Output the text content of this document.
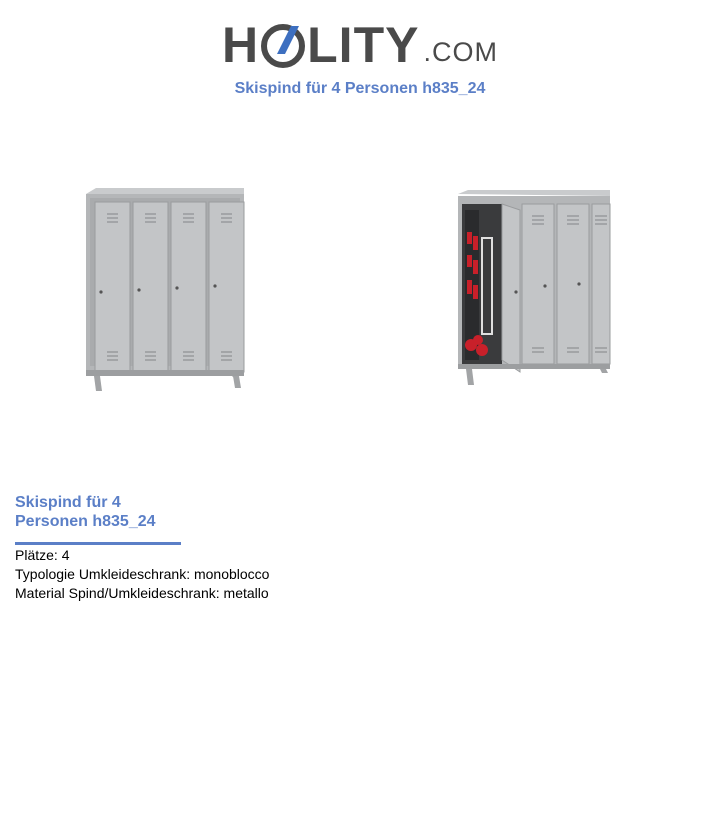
H LITY .COM
Skispind für 4 Personen h835_24
Skispind für 4
Personen h835_24
Plätze: 4
Typologie Umkleideschrank: monoblocco
Material Spind/Umkleideschrank: metallo
